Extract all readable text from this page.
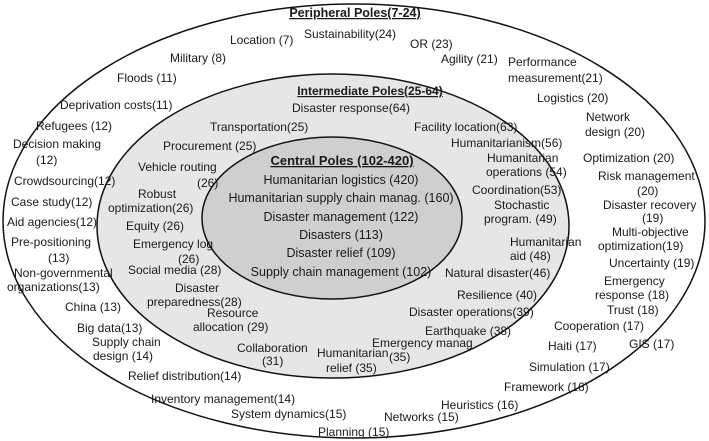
Peripheral Poles(7-24)
Sustainability(24)
Location (7)	OR (23)
Agility (21)
Military (8)	Performance
measurement(21)
Floods (11)
Logistics (20)
Deprivation costs(11)
Network
design (20)
Refugees (12)
Decision making
(12)	Optimization (20)
Crowdsourcing(12)	Risk management
(20)
Case study(12)	Disaster recovery
(19)
Aid agencies(12)
Multi-objective
optimization(19)
Pre-positioning
(13)	Uncertainty (19)
Non-governmental
organizations(13)	Emergency
response (18)
China (13)	Trust (18)
Big data(13)	Cooperation (17)
Supply chain
design (14)
Haiti (17)	GIS (17)
Relief distribution(14)
Simulation (17)
Framework (16)
Inventory management(14)	Heuristics (16)
System dynamics(15)	Networks (15)
Planning (15)
Intermediate Poles(25-64)
Disaster response(64)
Transportation(25)	Facility location(63)
Procurement (25)	Humanitarianism(56)
Humanitarian
operations (54)
Vehicle routing
(26)	Coordination(53)
Robust
optimization(26)	Stochastic
program. (49)
Equity (26)
Humanitarian
aid (48)
Emergency log
(26)
Social media (28)	Natural disaster(46)
Disaster
preparedness(28)	Resilience (40)
Resource
allocation (29)
Disaster operations(39)
Earthquake (38)
Collaboration
(31)
Emergency manag
(35)
Humanitarian
relief (35)
Central Poles (102-420)
Humanitarian logistics (420)
Humanitarian supply chain manag. (160)
Disaster management (122)
Disasters (113)
Disaster relief (109)
Supply chain management (102)
